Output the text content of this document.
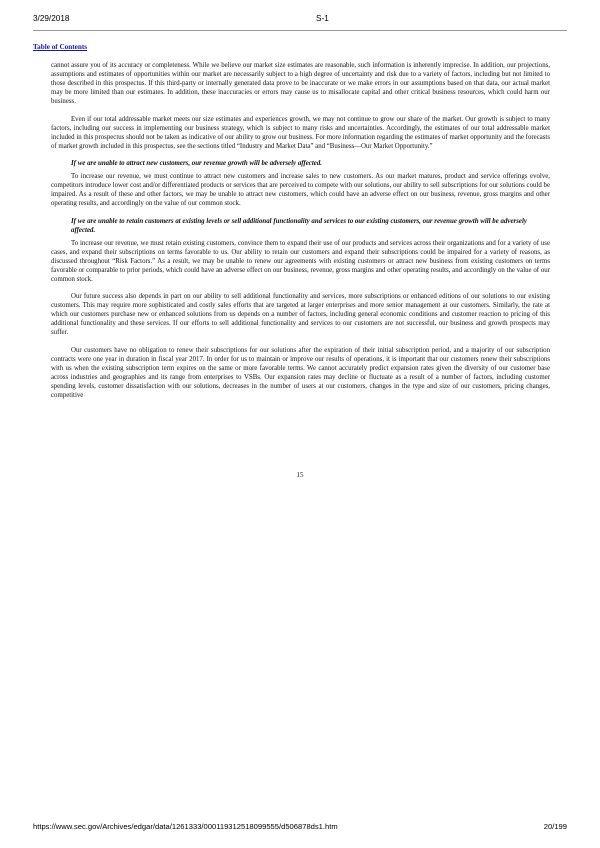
3/29/2018	S-1
Table of Contents

cannot assure you of its accuracy or completeness. While we believe our market size estimates are reasonable, such information is inherently imprecise. In addition, our projections, assumptions and estimates of opportunities within our market are necessarily subject to a high degree of uncertainty and risk due to a variety of factors, including but not limited to those described in this prospectus. If this third-party or internally generated data prove to be inaccurate or we make errors in our assumptions based on that data, our actual market may be more limited than our estimates. In addition, these inaccuracies or errors may cause us to misallocate capital and other critical business resources, which could harm our business.

Even if our total addressable market meets our size estimates and experiences growth, we may not continue to grow our share of the market. Our growth is subject to many factors, including our success in implementing our business strategy, which is subject to many risks and uncertainties. Accordingly, the estimates of our total addressable market included in this prospectus should not be taken as indicative of our ability to grow our business. For more information regarding the estimates of market opportunity and the forecasts of market growth included in this prospectus, see the sections titled “Industry and Market Data” and “Business—Our Market Opportunity.”

If we are unable to attract new customers, our revenue growth will be adversely affected.

To increase our revenue, we must continue to attract new customers and increase sales to new customers. As our market matures, product and service offerings evolve, competitors introduce lower cost and/or differentiated products or services that are perceived to compete with our solutions, our ability to sell subscriptions for our solutions could be impaired. As a result of these and other factors, we may be unable to attract new customers, which could have an adverse effect on our business, revenue, gross margins and other operating results, and accordingly on the value of our common stock.

If we are unable to retain customers at existing levels or sell additional functionality and services to our existing customers, our revenue growth will be adversely affected.

To increase our revenue, we must retain existing customers, convince them to expand their use of our products and services across their organizations and for a variety of use cases, and expand their subscriptions on terms favorable to us. Our ability to retain our customers and expand their subscriptions could be impaired for a variety of reasons, as discussed throughout “Risk Factors.” As a result, we may be unable to renew our agreements with existing customers or attract new business from existing customers on terms favorable or comparable to prior periods, which could have an adverse effect on our business, revenue, gross margins and other operating results, and accordingly on the value of our common stock.

Our future success also depends in part on our ability to sell additional functionality and services, more subscriptions or enhanced editions of our solutions to our existing customers. This may require more sophisticated and costly sales efforts that are targeted at larger enterprises and more senior management at our customers. Similarly, the rate at which our customers purchase new or enhanced solutions from us depends on a number of factors, including general economic conditions and customer reaction to pricing of this additional functionality and these services. If our efforts to sell additional functionality and services to our customers are not successful, our business and growth prospects may suffer.

Our customers have no obligation to renew their subscriptions for our solutions after the expiration of their initial subscription period, and a majority of our subscription contracts were one year in duration in fiscal year 2017. In order for us to maintain or improve our results of operations, it is important that our customers renew their subscriptions with us when the existing subscription term expires on the same or more favorable terms. We cannot accurately predict expansion rates given the diversity of our customer base across industries and geographies and its range from enterprises to VSBs. Our expansion rates may decline or fluctuate as a result of a number of factors, including customer spending levels, customer dissatisfaction with our solutions, decreases in the number of users at our customers, changes in the type and size of our customers, pricing changes, competitive

15
https://www.sec.gov/Archives/edgar/data/1261333/000119312518099555/d506878ds1.htm	20/199
